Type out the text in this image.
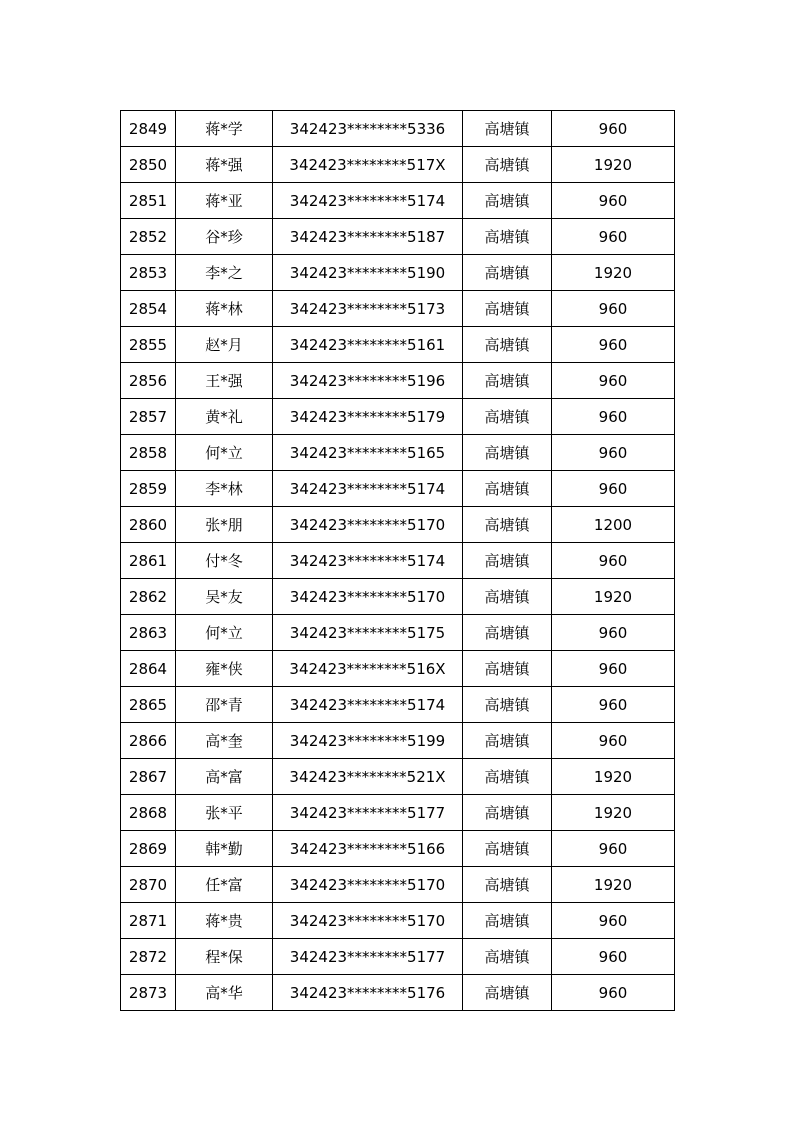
2849	蒋*学	342423********5336	高塘镇	960
2850	蒋*强	342423********517X	高塘镇	1920
2851	蒋*亚	342423********5174	高塘镇	960
2852	谷*珍	342423********5187	高塘镇	960
2853	李*之	342423********5190	高塘镇	1920
2854	蒋*林	342423********5173	高塘镇	960
2855	赵*月	342423********5161	高塘镇	960
2856	王*强	342423********5196	高塘镇	960
2857	黄*礼	342423********5179	高塘镇	960
2858	何*立	342423********5165	高塘镇	960
2859	李*林	342423********5174	高塘镇	960
2860	张*朋	342423********5170	高塘镇	1200
2861	付*冬	342423********5174	高塘镇	960
2862	吴*友	342423********5170	高塘镇	1920
2863	何*立	342423********5175	高塘镇	960
2864	雍*侠	342423********516X	高塘镇	960
2865	邵*青	342423********5174	高塘镇	960
2866	高*奎	342423********5199	高塘镇	960
2867	高*富	342423********521X	高塘镇	1920
2868	张*平	342423********5177	高塘镇	1920
2869	韩*勤	342423********5166	高塘镇	960
2870	任*富	342423********5170	高塘镇	1920
2871	蒋*贵	342423********5170	高塘镇	960
2872	程*保	342423********5177	高塘镇	960
2873	高*华	342423********5176	高塘镇	960
